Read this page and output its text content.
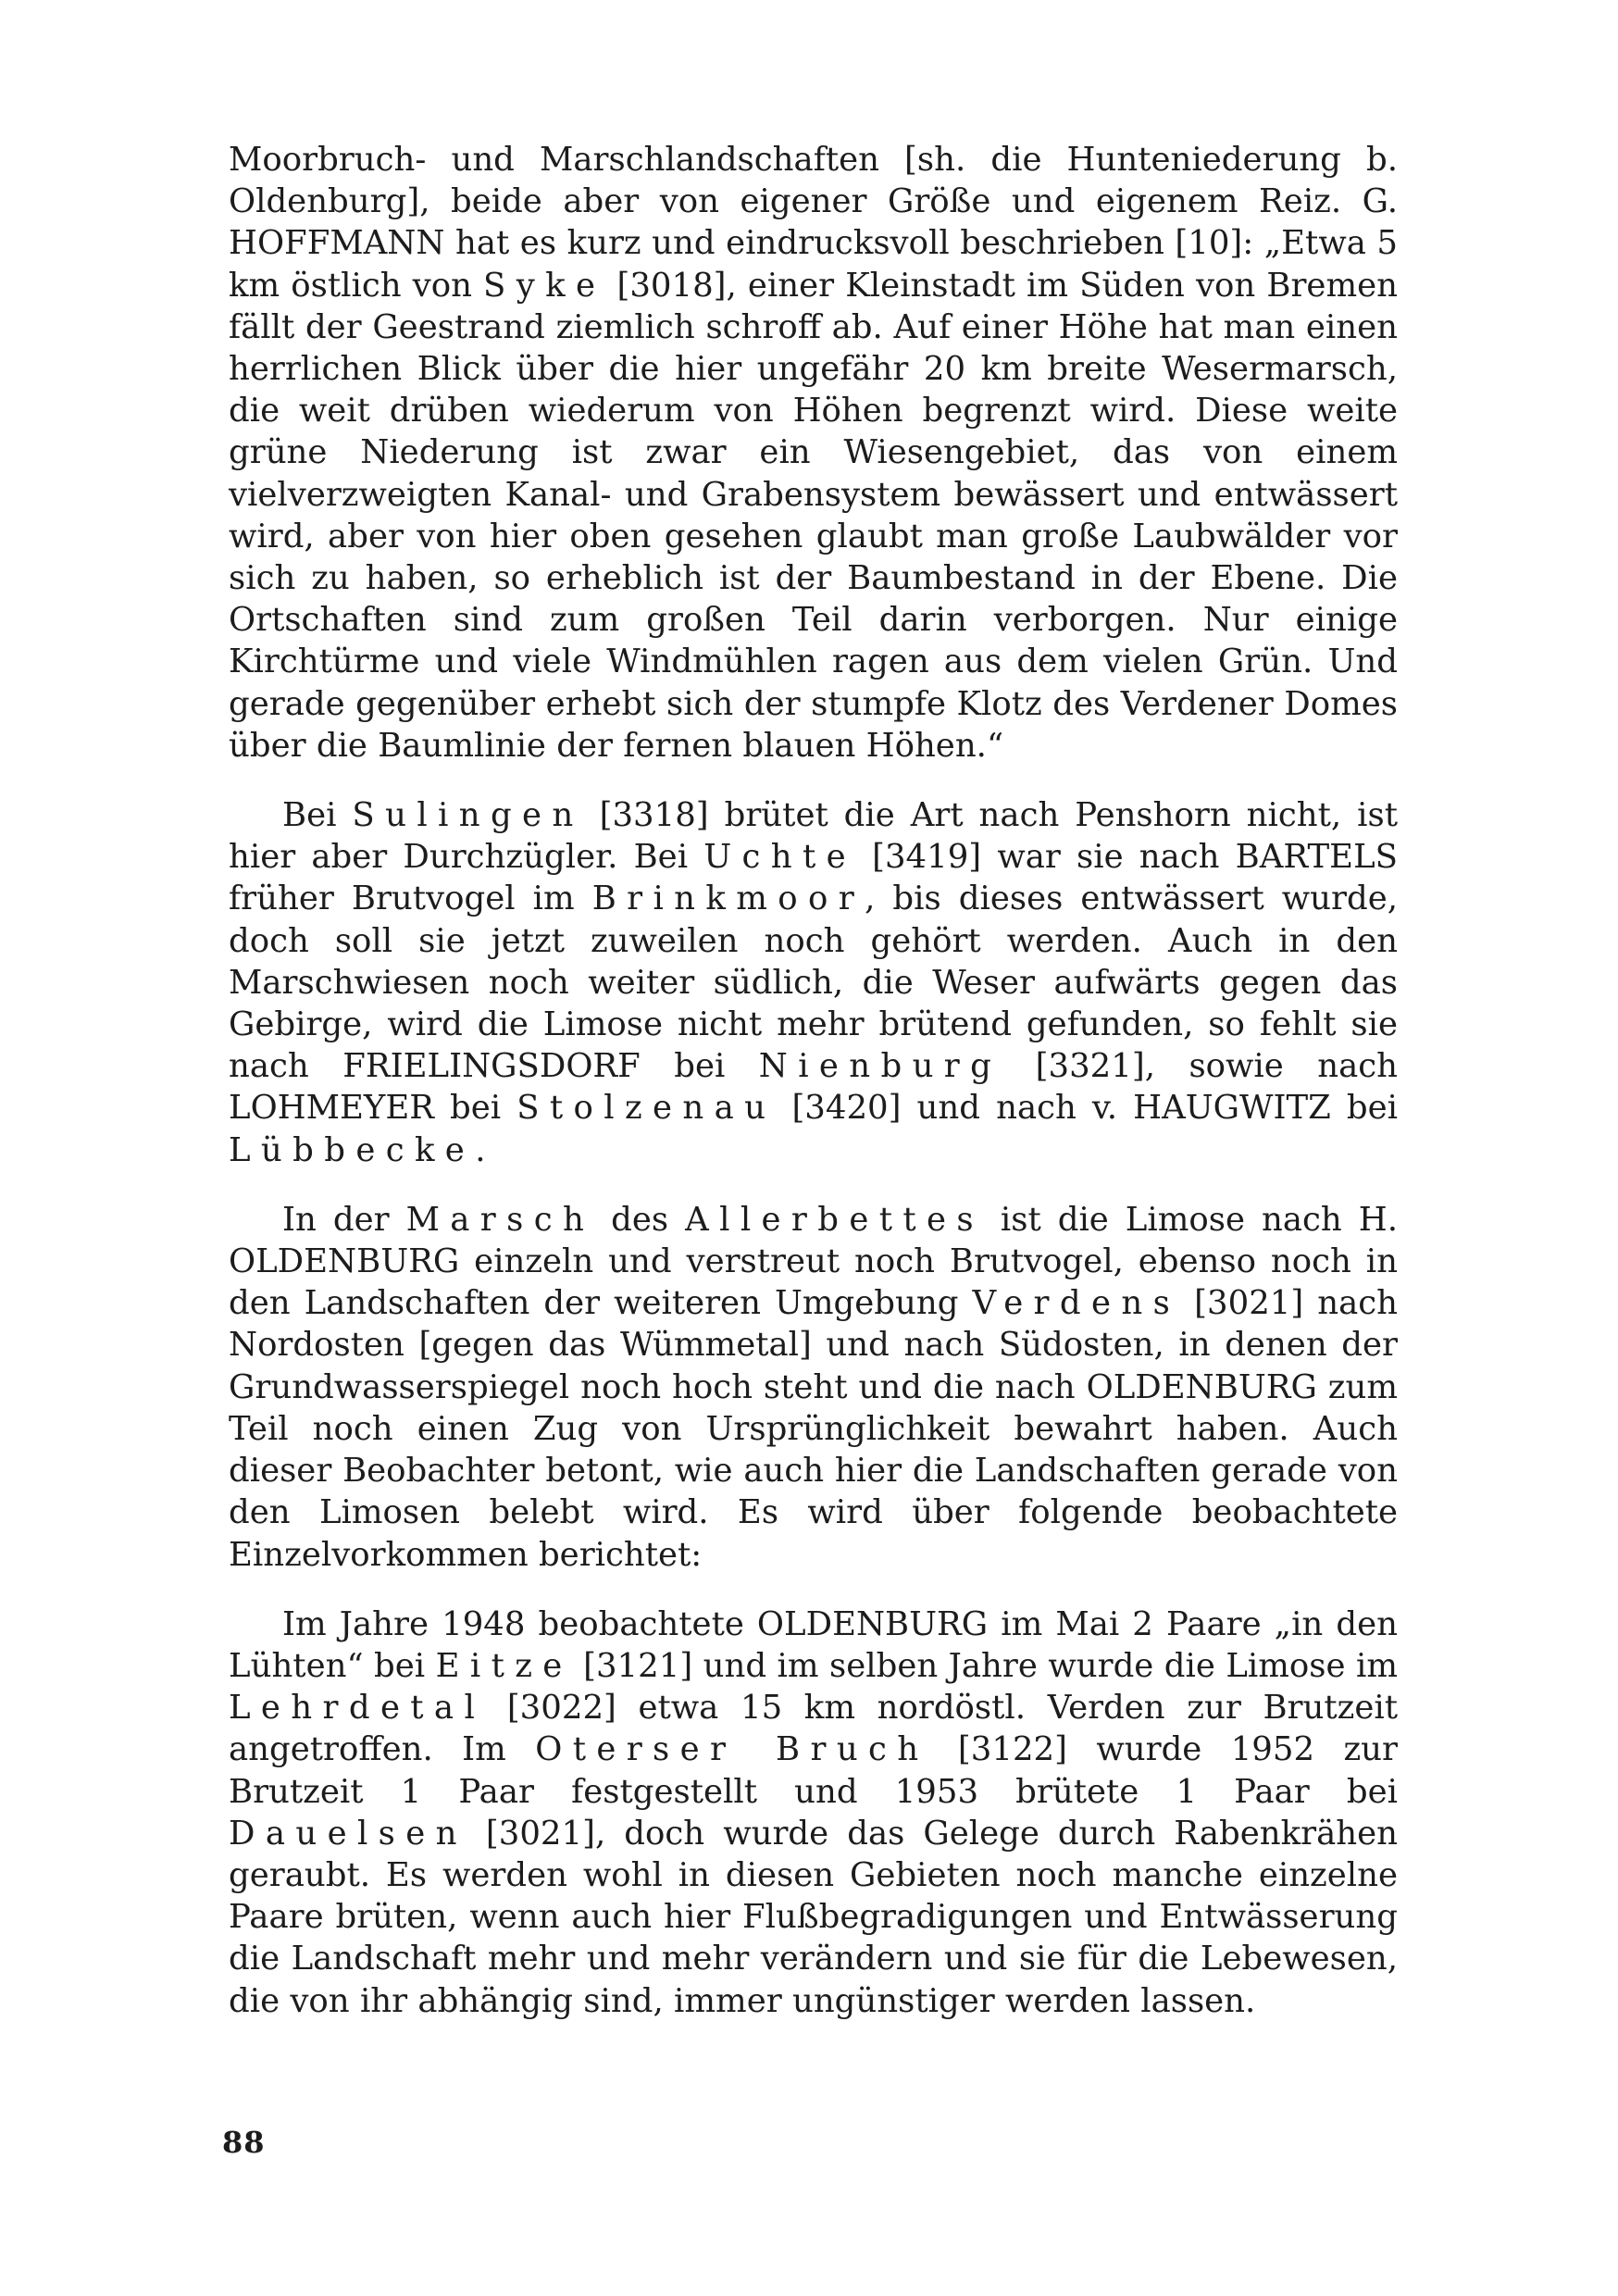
Moorbruch- und Marschlandschaften [sh. die Hunteniederung b. Oldenburg], beide aber von eigener Größe und eigenem Reiz. G. HOFFMANN hat es kurz und eindrucksvoll beschrieben [10]: „Etwa 5 km östlich von Syke [3018], einer Kleinstadt im Süden von Bremen fällt der Geestrand ziemlich schroff ab. Auf einer Höhe hat man einen herrlichen Blick über die hier ungefähr 20 km breite Wesermarsch, die weit drüben wiederum von Höhen begrenzt wird. Diese weite grüne Niederung ist zwar ein Wiesengebiet, das von einem vielverzweigten Kanal- und Grabensystem bewässert und entwässert wird, aber von hier oben gesehen glaubt man große Laubwälder vor sich zu haben, so erheblich ist der Baumbestand in der Ebene. Die Ortschaften sind zum großen Teil darin verborgen. Nur einige Kirchtürme und viele Windmühlen ragen aus dem vielen Grün. Und gerade gegenüber erhebt sich der stumpfe Klotz des Verdener Domes über die Baumlinie der fernen blauen Höhen.“

Bei Sulingen [3318] brütet die Art nach Penshorn nicht, ist hier aber Durchzügler. Bei Uchte [3419] war sie nach BARTELS früher Brutvogel im Brinkmoor, bis dieses entwässert wurde, doch soll sie jetzt zuweilen noch gehört werden. Auch in den Marschwiesen noch weiter südlich, die Weser aufwärts gegen das Gebirge, wird die Limose nicht mehr brütend gefunden, so fehlt sie nach FRIELINGSDORF bei Nienburg [3321], sowie nach LOHMEYER bei Stolzenau [3420] und nach v. HAUGWITZ bei Lübbecke.

In der Marsch des Allerbettes ist die Limose nach H. OLDENBURG einzeln und verstreut noch Brutvogel, ebenso noch in den Landschaften der weiteren Umgebung Verdens [3021] nach Nordosten [gegen das Wümmetal] und nach Südosten, in denen der Grundwasserspiegel noch hoch steht und die nach OLDENBURG zum Teil noch einen Zug von Ursprünglichkeit bewahrt haben. Auch dieser Beobachter betont, wie auch hier die Landschaften gerade von den Limosen belebt wird. Es wird über folgende beobachtete Einzelvorkommen berichtet:

Im Jahre 1948 beobachtete OLDENBURG im Mai 2 Paare „in den Lühten“ bei Eitze [3121] und im selben Jahre wurde die Limose im Lehrdetal [3022] etwa 15 km nordöstl. Verden zur Brutzeit angetroffen. Im Oterser Bruch [3122] wurde 1952 zur Brutzeit 1 Paar festgestellt und 1953 brütete 1 Paar bei Dauelsen [3021], doch wurde das Gelege durch Rabenkrähen geraubt. Es werden wohl in diesen Gebieten noch manche einzelne Paare brüten, wenn auch hier Flußbegradigungen und Entwässerung die Landschaft mehr und mehr verändern und sie für die Lebewesen, die von ihr abhängig sind, immer ungünstiger werden lassen.

88
